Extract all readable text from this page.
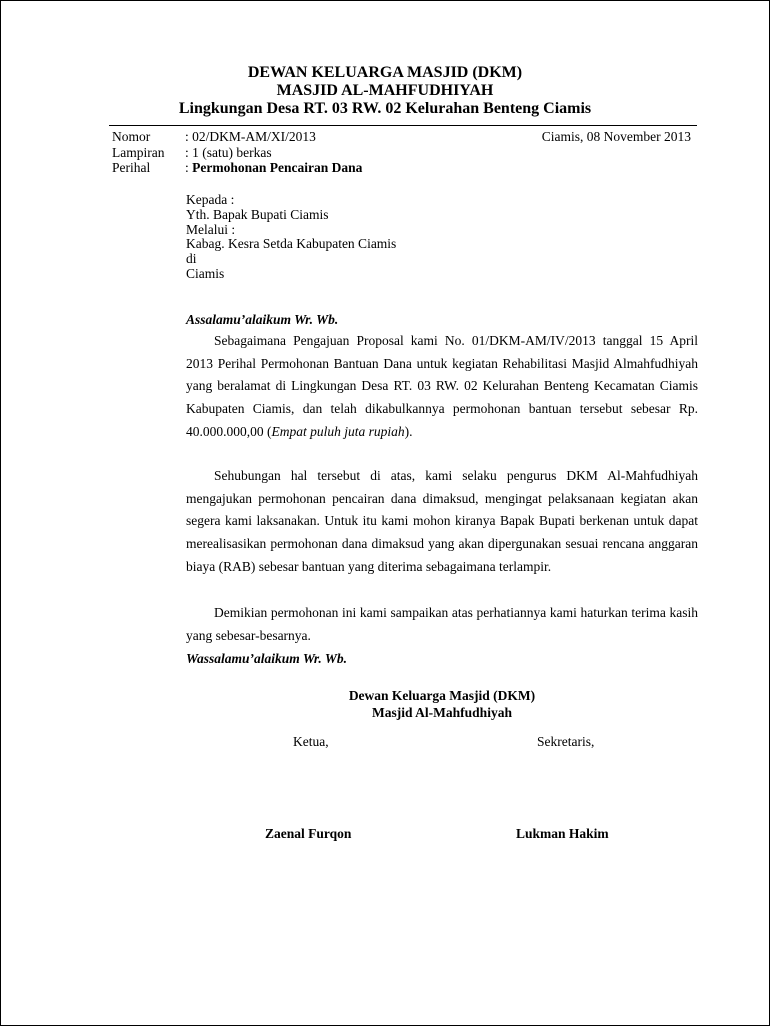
DEWAN KELUARGA MASJID (DKM)
MASJID AL-MAHFUDHIYAH
Lingkungan Desa RT. 03 RW. 02 Kelurahan Benteng Ciamis
Nomor	: 02/DKM-AM/XI/2013	Ciamis, 08 November 2013
Lampiran : 1 (satu) berkas
Perihal	: Permohonan Pencairan Dana
Kepada :
Yth. Bapak Bupati Ciamis
Melalui :
Kabag. Kesra Setda Kabupaten Ciamis
di
Ciamis
Assalamu’alaikum Wr. Wb.
Sebagaimana Pengajuan Proposal kami No. 01/DKM-AM/IV/2013 tanggal 15 April 2013 Perihal Permohonan Bantuan Dana untuk kegiatan Rehabilitasi Masjid Almahfudhiyah yang beralamat di Lingkungan Desa RT. 03 RW. 02 Kelurahan Benteng Kecamatan Ciamis Kabupaten Ciamis, dan telah dikabulkannya permohonan bantuan tersebut sebesar Rp. 40.000.000,00 (Empat puluh juta rupiah).
Sehubungan hal tersebut di atas, kami selaku pengurus DKM Al-Mahfudhiyah mengajukan permohonan pencairan dana dimaksud, mengingat pelaksanaan kegiatan akan segera kami laksanakan. Untuk itu kami mohon kiranya Bapak Bupati berkenan untuk dapat merealisasikan permohonan dana dimaksud yang akan dipergunakan sesuai rencana anggaran biaya (RAB) sebesar bantuan yang diterima sebagaimana terlampir.
Demikian permohonan ini kami sampaikan atas perhatiannya kami haturkan terima kasih yang sebesar-besarnya.
Wassalamu’alaikum Wr. Wb.
Dewan Keluarga Masjid (DKM)
Masjid Al-Mahfudhiyah
Ketua,	Sekretaris,
Zaenal Furqon	Lukman Hakim
